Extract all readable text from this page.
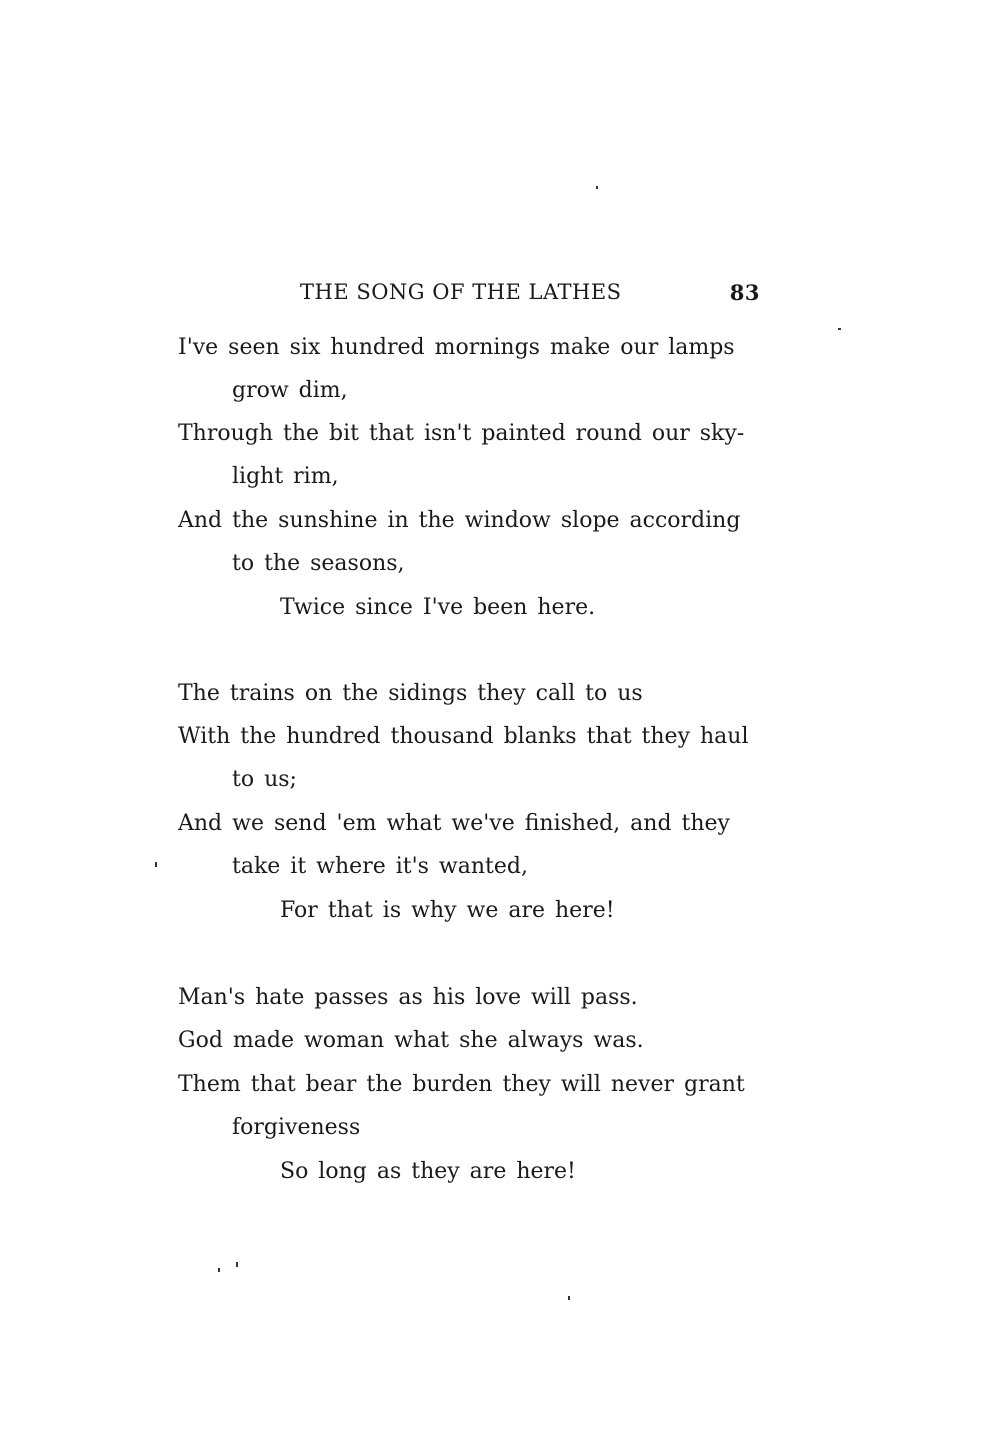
THE SONG OF THE LATHES	83
I've seen six hundred mornings make our lamps
grow dim,
Through the bit that isn't painted round our sky-
light rim,
And the sunshine in the window slope according
to the seasons,
Twice since I've been here.
The trains on the sidings they call to us
With the hundred thousand blanks that they haul
to us;
And we send 'em what we've finished, and they
take it where it's wanted,
For that is why we are here!
Man's hate passes as his love will pass.
God made woman what she always was.
Them that bear the burden they will never grant
forgiveness
So long as they are here!
